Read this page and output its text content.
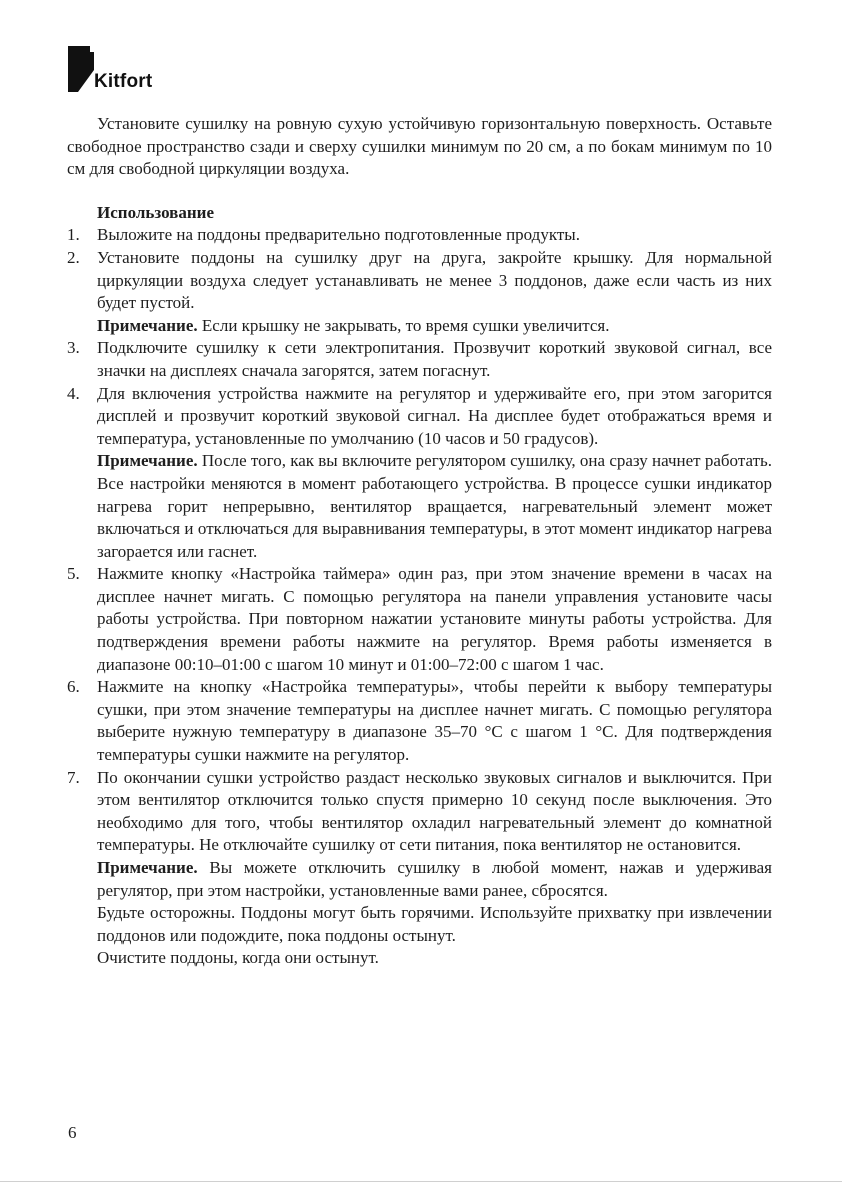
Kitfort

Установите сушилку на ровную сухую устойчивую горизонтальную поверхность. Оставьте свободное пространство сзади и сверху сушилки минимум по 20 см, а по бокам минимум по 10 см для свободной циркуляции воздуха.

Использование

1. Выложите на поддоны предварительно подготовленные продукты.

2. Установите поддоны на сушилку друг на друга, закройте крышку. Для нормальной циркуляции воздуха следует устанавливать не менее 3 поддонов, даже если часть из них будет пустой.

Примечание. Если крышку не закрывать, то время сушки увеличится.

3. Подключите сушилку к сети электропитания. Прозвучит короткий звуковой сигнал, все значки на дисплеях сначала загорятся, затем погаснут.

4. Для включения устройства нажмите на регулятор и удерживайте его, при этом загорится дисплей и прозвучит короткий звуковой сигнал. На дисплее будет отображаться время и температура, установленные по умолчанию (10 часов и 50 градусов).

Примечание. После того, как вы включите регулятором сушилку, она сразу начнет работать. Все настройки меняются в момент работающего устройства. В процессе сушки индикатор нагрева горит непрерывно, вентилятор вращается, нагревательный элемент может включаться и отключаться для выравнивания температуры, в этот момент индикатор нагрева загорается или гаснет.

5. Нажмите кнопку «Настройка таймера» один раз, при этом значение времени в часах на дисплее начнет мигать. С помощью регулятора на панели управления установите часы работы устройства. При повторном нажатии установите минуты работы устройства. Для подтверждения времени работы нажмите на регулятор. Время работы изменяется в диапазоне 00:10–01:00 с шагом 10 минут и 01:00–72:00 с шагом 1 час.

6. Нажмите на кнопку «Настройка температуры», чтобы перейти к выбору температуры сушки, при этом значение температуры на дисплее начнет мигать. С помощью регулятора выберите нужную температуру в диапазоне 35–70 °С с шагом 1 °С. Для подтверждения температуры сушки нажмите на регулятор.

7. По окончании сушки устройство раздаст несколько звуковых сигналов и выключится. При этом вентилятор отключится только спустя примерно 10 секунд после выключения. Это необходимо для того, чтобы вентилятор охладил нагревательный элемент до комнатной температуры. Не отключайте сушилку от сети питания, пока вентилятор не остановится.

Примечание. Вы можете отключить сушилку в любой момент, нажав и удерживая регулятор, при этом настройки, установленные вами ранее, сбросятся.

Будьте осторожны. Поддоны могут быть горячими. Используйте прихватку при извлечении поддонов или подождите, пока поддоны остынут.

Очистите поддоны, когда они остынут.

6
